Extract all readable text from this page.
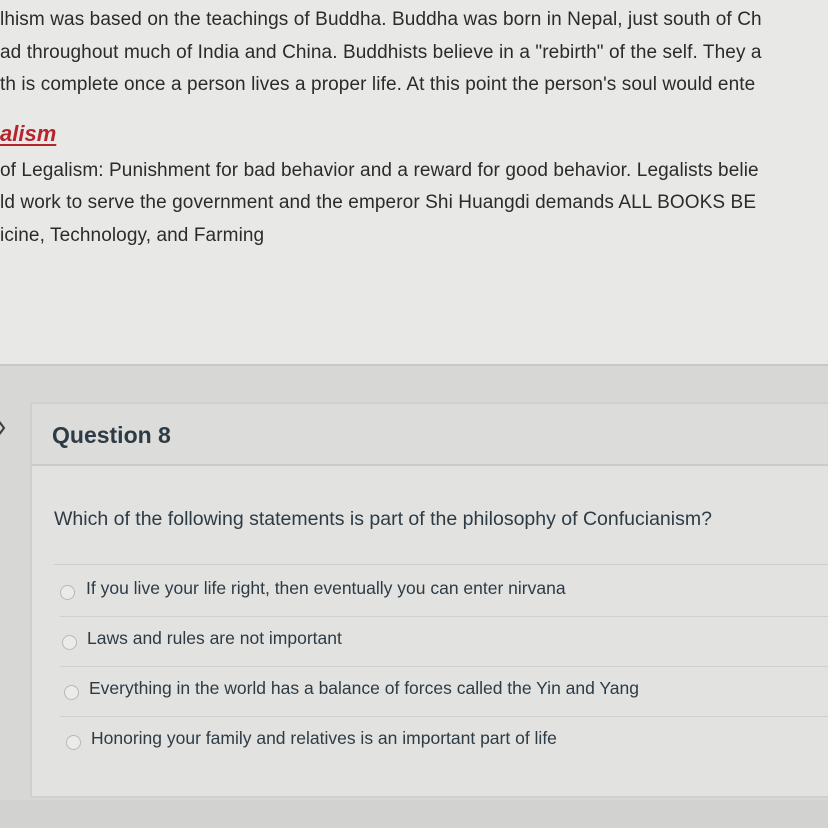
lhism was based on the teachings of Buddha. Buddha was born in Nepal, just south of Ch
ad throughout much of India and China. Buddhists believe in a "rebirth" of the self. They a
th is complete once a person lives a proper life. At this point the person's soul would ente
alism
of Legalism: Punishment for bad behavior and a reward for good behavior. Legalists belie
ld work to serve the government and the emperor Shi Huangdi demands ALL BOOKS BE
icine, Technology, and Farming
Question 8
Which of the following statements is part of the philosophy of Confucianism?
If you live your life right, then eventually you can enter nirvana
Laws and rules are not important
Everything in the world has a balance of forces called the Yin and Yang
Honoring your family and relatives is an important part of life
